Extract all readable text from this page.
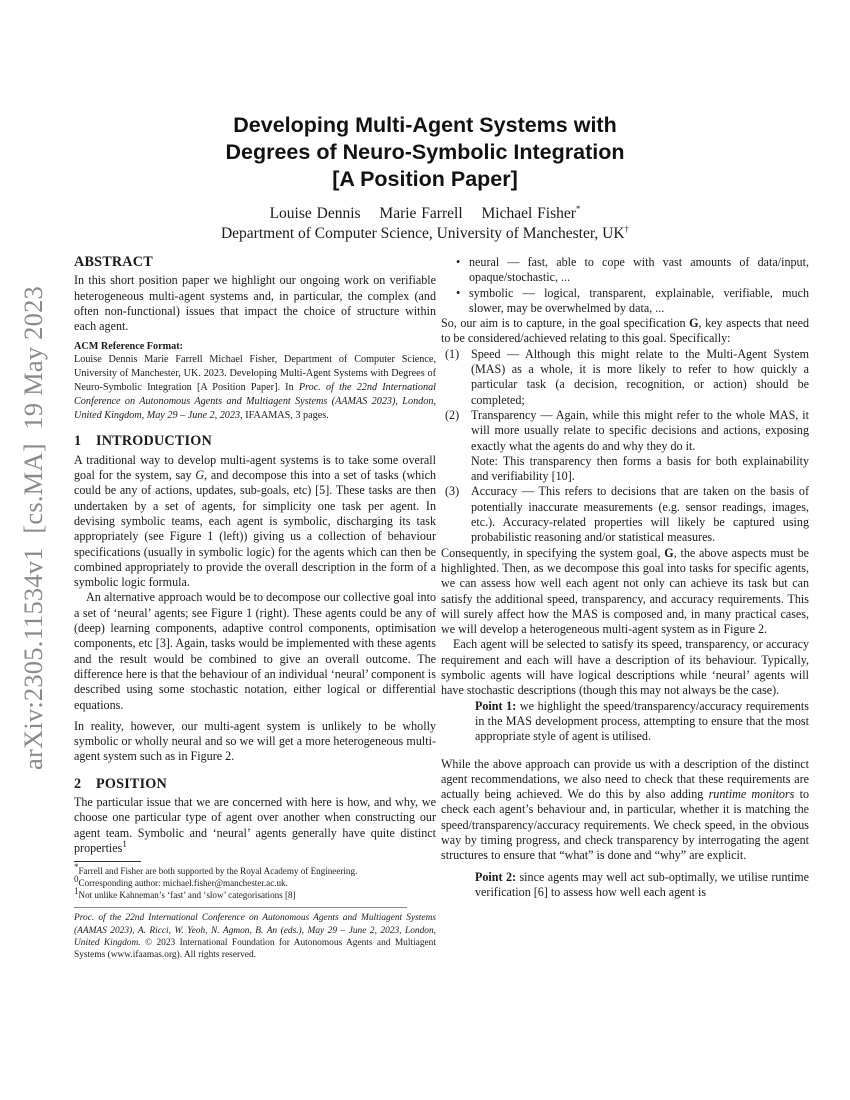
arXiv:2305.11534v1  [cs.MA]  19 May 2023
Developing Multi-Agent Systems with
Degrees of Neuro-Symbolic Integration
[A Position Paper]
Louise Dennis Marie Farrell Michael Fisher*
Department of Computer Science, University of Manchester, UK†
ABSTRACT

In this short position paper we highlight our ongoing work on verifiable heterogeneous multi-agent systems and, in particular, the complex (and often non-functional) issues that impact the choice of structure within each agent.

ACM Reference Format:

Louise Dennis Marie Farrell Michael Fisher, Department of Computer Science, University of Manchester, UK. 2023. Developing Multi-Agent Systems with Degrees of Neuro-Symbolic Integration [A Position Paper]. In Proc. of the 22nd International Conference on Autonomous Agents and Multiagent Systems (AAMAS 2023), London, United Kingdom, May 29 – June 2, 2023, IFAAMAS, 3 pages.

1 INTRODUCTION

A traditional way to develop multi-agent systems is to take some overall goal for the system, say G, and decompose this into a set of tasks (which could be any of actions, updates, sub-goals, etc) [5]. These tasks are then undertaken by a set of agents, for simplicity one task per agent. In devising symbolic teams, each agent is symbolic, discharging its task appropriately (see Figure 1 (left)) giving us a collection of behaviour specifications (usually in symbolic logic) for the agents which can then be combined appropriately to provide the overall description in the form of a symbolic logic formula.

An alternative approach would be to decompose our collective goal into a set of ‘neural’ agents; see Figure 1 (right). These agents could be any of (deep) learning components, adaptive control components, optimisation components, etc [3]. Again, tasks would be implemented with these agents and the result would be combined to give an overall outcome. The difference here is that the behaviour of an individual ‘neural’ component is described using some stochastic notation, either logical or differential equations.

In reality, however, our multi-agent system is unlikely to be wholly symbolic or wholly neural and so we will get a more heterogeneous multi-agent system such as in Figure 2.

2 POSITION

The particular issue that we are concerned with here is how, and why, we choose one particular type of agent over another when constructing our agent team. Symbolic and ‘neural’ agents generally have quite distinct properties$^1$

*Farrell and Fisher are both supported by the Royal Academy of Engineering.
$^0$Corresponding author: michael.fisher@manchester.ac.uk.
$^1$Not unlike Kahneman’s ‘fast’ and ‘slow’ categorisations [8]

Proc. of the 22nd International Conference on Autonomous Agents and Multiagent Systems (AAMAS 2023), A. Ricci, W. Yeoh, N. Agmon, B. An (eds.), May 29 – June 2, 2023, London, United Kingdom. © 2023 International Foundation for Autonomous Agents and Multiagent Systems (www.ifaamas.org). All rights reserved.

• neural — fast, able to cope with vast amounts of data/input, opaque/stochastic, ...
• symbolic — logical, transparent, explainable, verifiable, much slower, may be overwhelmed by data, ...

So, our aim is to capture, in the goal specification G, key aspects that need to be considered/achieved relating to this goal. Specifically:

(1) Speed — Although this might relate to the Multi-Agent System (MAS) as a whole, it is more likely to refer to how quickly a particular task (a decision, recognition, or action) should be completed;
(2) Transparency — Again, while this might refer to the whole MAS, it will more usually relate to specific decisions and actions, exposing exactly what the agents do and why they do it.
Note: This transparency then forms a basis for both explainability and verifiability [10].
(3) Accuracy — This refers to decisions that are taken on the basis of potentially inaccurate measurements (e.g. sensor readings, images, etc.). Accuracy-related properties will likely be captured using probabilistic reasoning and/or statistical measures.

Consequently, in specifying the system goal, G, the above aspects must be highlighted. Then, as we decompose this goal into tasks for specific agents, we can assess how well each agent not only can achieve its task but can satisfy the additional speed, transparency, and accuracy requirements. This will surely affect how the MAS is composed and, in many practical cases, we will develop a heterogeneous multi-agent system as in Figure 2.

Each agent will be selected to satisfy its speed, transparency, or accuracy requirement and each will have a description of its behaviour. Typically, symbolic agents will have logical descriptions while ‘neural’ agents will have stochastic descriptions (though this may not always be the case).

Point 1: we highlight the speed/transparency/accuracy requirements in the MAS development process, attempting to ensure that the most appropriate style of agent is utilised.

While the above approach can provide us with a description of the distinct agent recommendations, we also need to check that these requirements are actually being achieved. We do this by also adding runtime monitors to check each agent’s behaviour and, in particular, whether it is matching the speed/transparency/accuracy requirements. We check speed, in the obvious way by timing progress, and check transparency by interrogating the agent structures to ensure that “what” is done and “why” are explicit.

Point 2: since agents may well act sub-optimally, we utilise runtime verification [6] to assess how well each agent is
